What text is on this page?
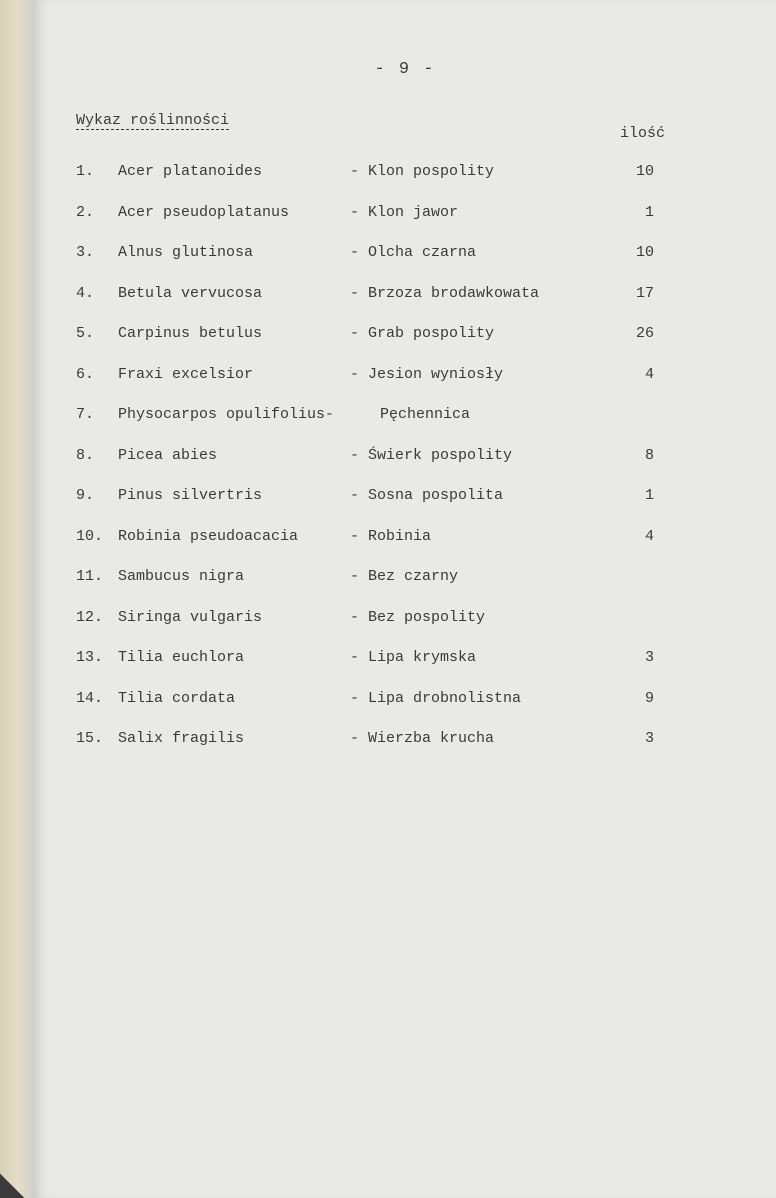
- 9 -
Wykaz roślinności
ilość
1. Acer platanoides	- Klon pospolity	10
2. Acer pseudoplatanus	- Klon jawor	1
3. Alnus glutinosa	- Olcha czarna	10
4. Betula vervucosa	- Brzoza brodawkowata	17
5. Carpinus betulus	- Grab pospolity	26
6. Fraxi excelsior	- Jesion wyniosły	4
7. Physocarpos opulifolius-	Pęchennica
8. Picea abies	- Świerk pospolity	8
9. Pinus silvertris	- Sosna pospolita	1
10. Robinia pseudoacacia	- Robinia	4
11. Sambucus nigra	- Bez czarny
12. Siringa vulgaris	- Bez pospolity
13. Tilia euchlora	- Lipa krymska	3
14. Tilia cordata	- Lipa drobnolistna	9
15. Salix fragilis	- Wierzba krucha	3
